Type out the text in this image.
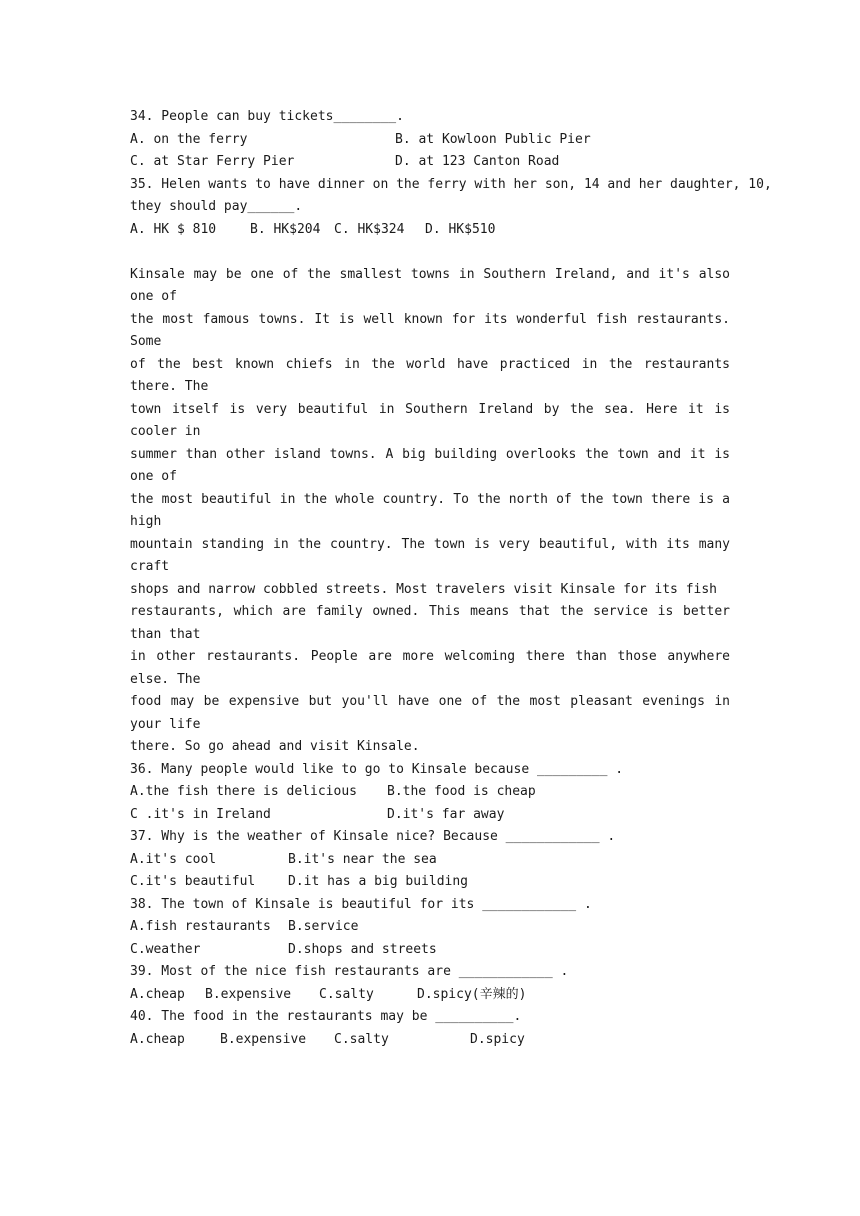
34. People can buy tickets________.

A. on the ferry

	B. at Kowloon Public Pier

C. at Star Ferry Pier

	D. at 123 Canton Road

35. Helen wants to have dinner on the ferry with her son, 14 and her daughter, 10,
they should pay______.

A. HK $ 810

	B. HK$204

C. HK$324

D. HK$510

Kinsale may be one of the smallest towns in Southern Ireland, and it's also one of
the most famous towns. It is well known for its wonderful fish restaurants. Some
of the best known chiefs in the world have practiced in the restaurants there. The
town itself is very beautiful in Southern Ireland by the sea. Here it is cooler in
summer than other island towns. A big building overlooks the town and it is one of
the most beautiful in the whole country. To the north of the town there is a high
mountain standing in the country. The town is very beautiful, with its many craft
shops and narrow cobbled streets. Most travelers visit Kinsale for its fish
restaurants, which are family owned. This means that the service is better than that
in other restaurants. People are more welcoming there than those anywhere else. The
food may be expensive but you'll have one of the most pleasant evenings in your life
there. So go ahead and visit Kinsale.
36. Many people would like to go to Kinsale because _________ .

A.the fish there is delicious

B.the food is cheap

C .it's in Ireland

	D.it's far away

37. Why is the weather of Kinsale nice? Because ____________ .

A.it's cool

	B.it's near the sea

C.it's beautiful

	D.it has a big building

38. The town of Kinsale is beautiful for its ____________ .

A.fish restaurants

B.service

C.weather

	D.shops and streets

39. Most of the nice fish restaurants are ____________ .

A.cheap

B.expensive

C.salty

	D.spicy(辛辣的)

40. The food in the restaurants may be __________.

A.cheap

	B.expensive

C.salty

	D.spicy
